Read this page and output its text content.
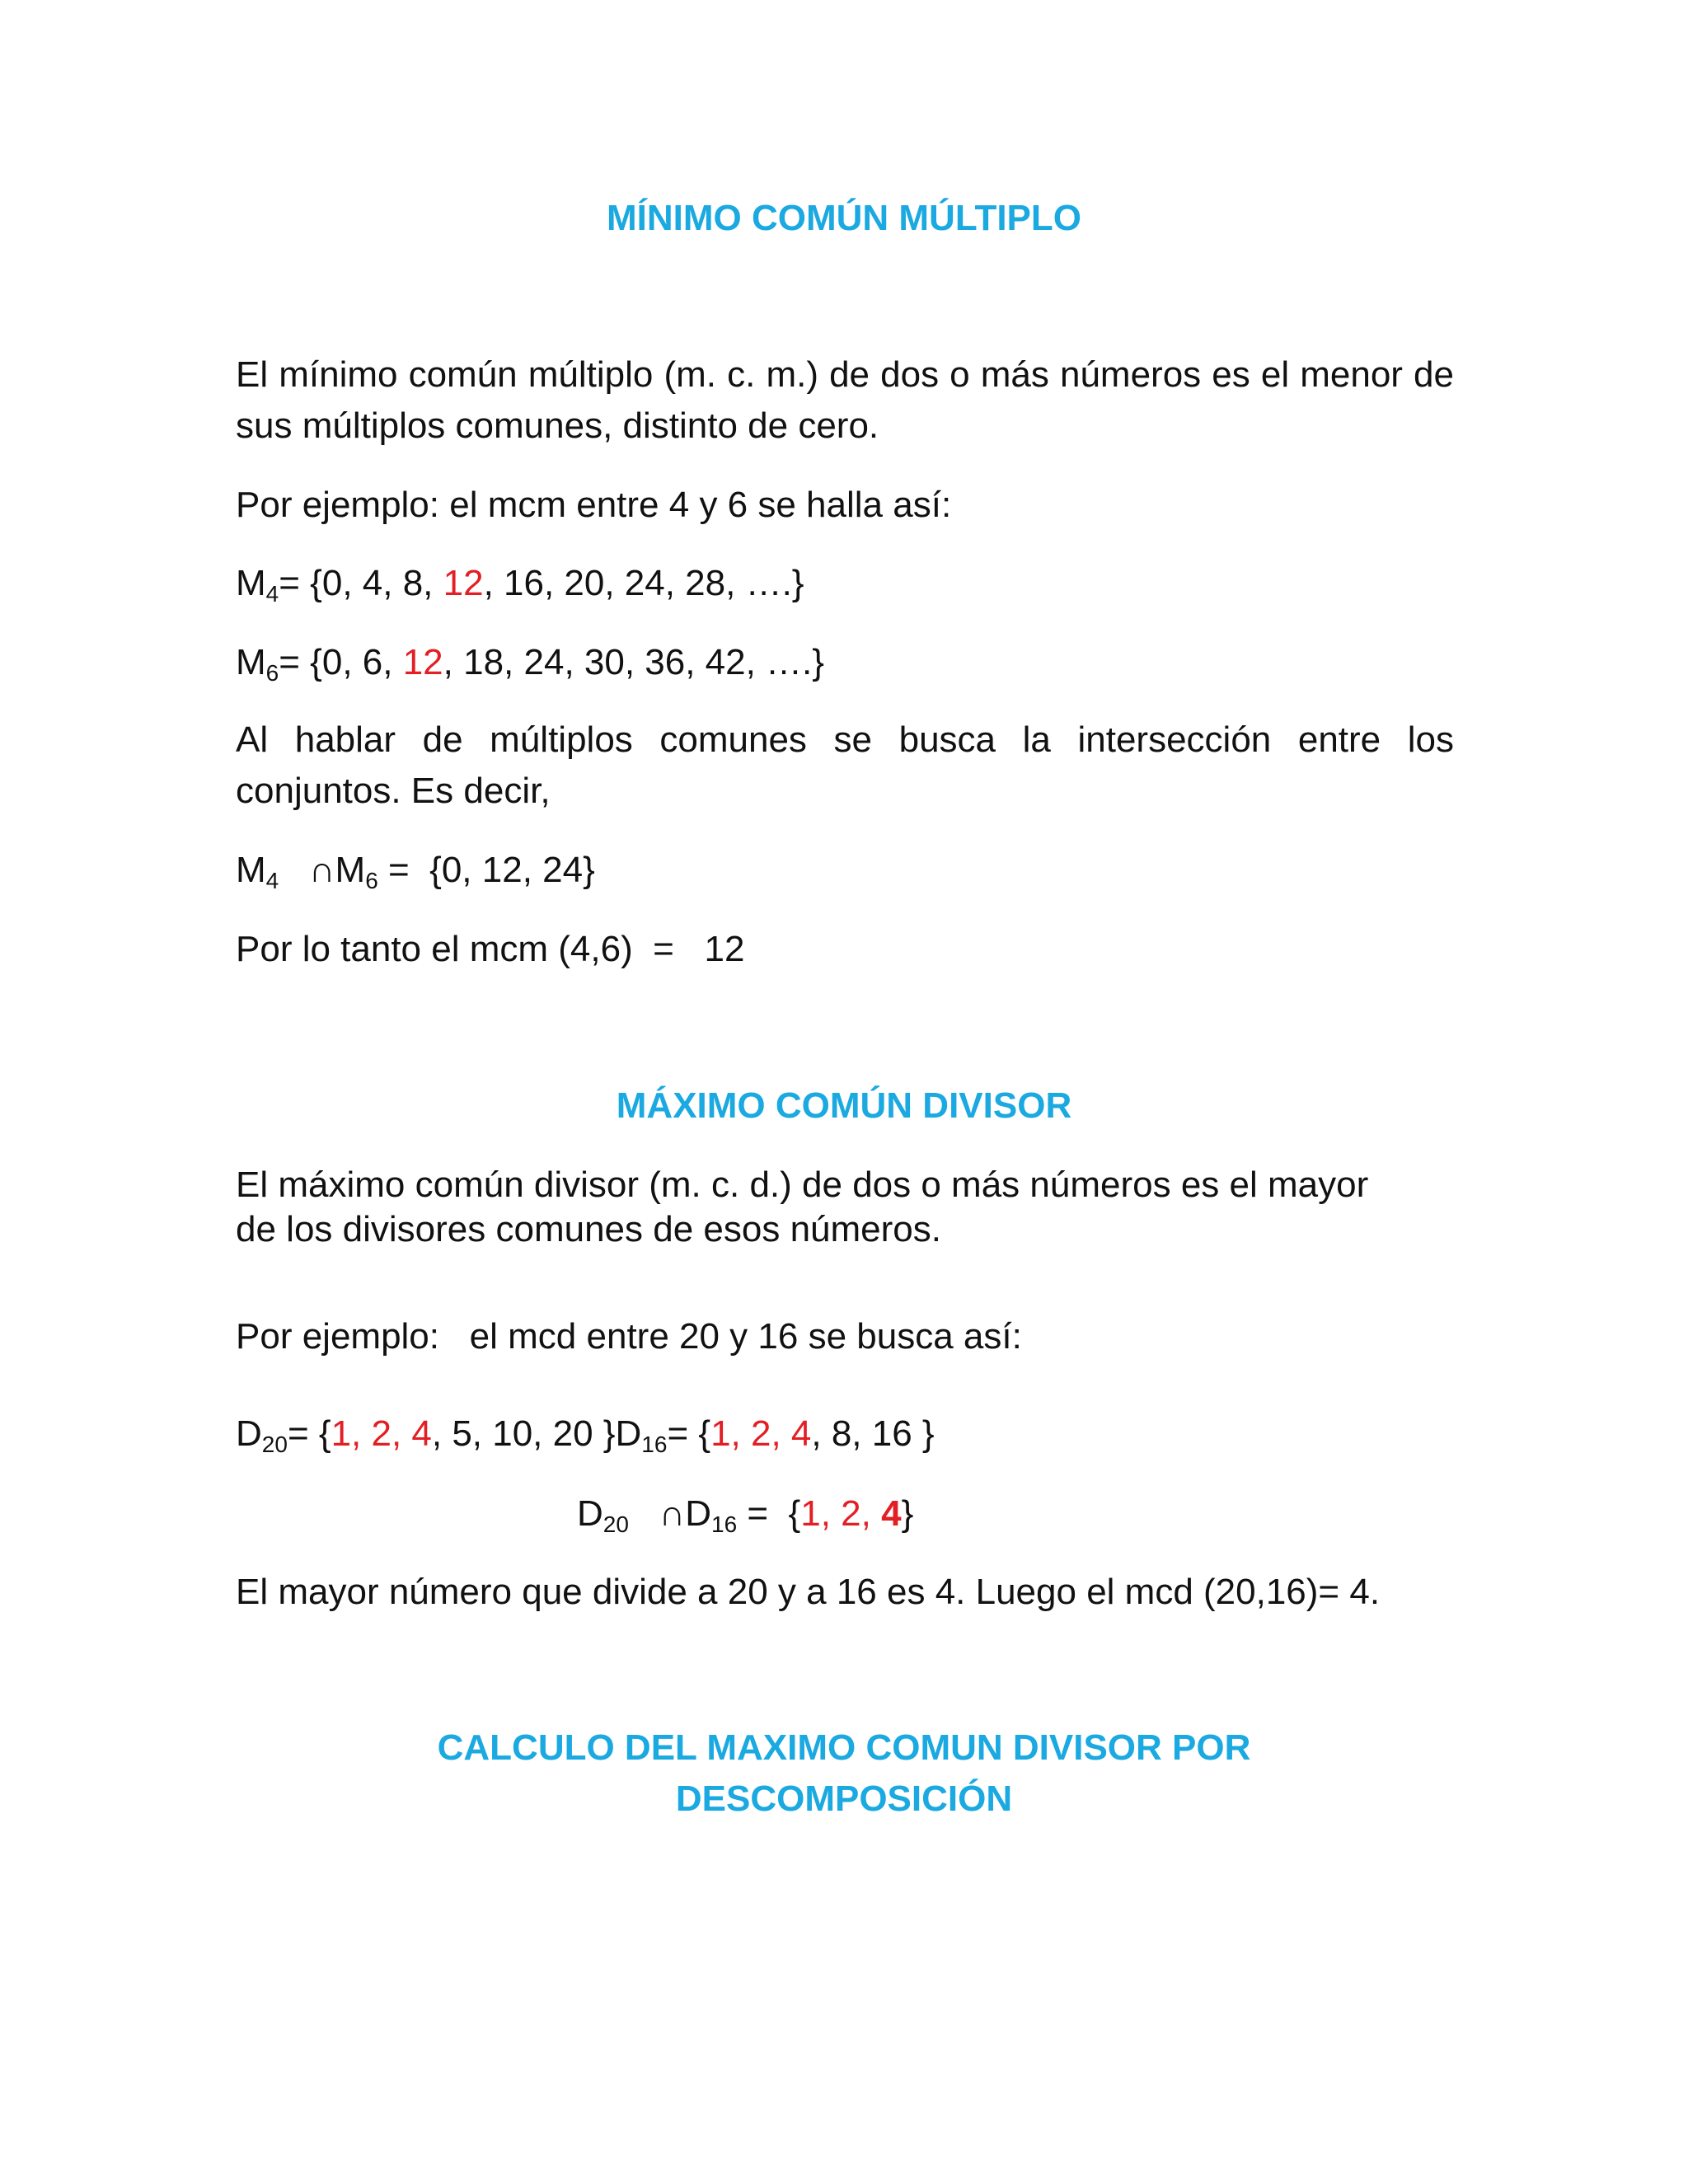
MÍNIMO COMÚN MÚLTIPLO

El mínimo común múltiplo (m. c. m.) de dos o más números es el menor de sus múltiplos comunes, distinto de cero.

Por ejemplo: el mcm entre 4 y 6 se halla así:

$M_4= \{0$, 4, 8, 12, 16, 20, 24, 28, ….}

$M_6= \{0$, 6, 12, 18, 24, 30, 36, 42, ….}

Al hablar de múltiplos comunes se busca la intersección entre los conjuntos. Es decir,

$M_4$   $\cap M_6 = \{0$, 12, 24}

Por lo tanto el mcm (4,6)  =   12

MÁXIMO COMÚN DIVISOR

El máximo común divisor (m. c. d.) de dos o más números es el mayor

de los divisores comunes de esos números.

Por ejemplo:   el mcd entre 20 y 16 se busca así:

$D_{20}= \{1$, 2, 4, 5, 10, 20 }$D_{16}= \{1$, 2, 4, 8, 16 }

$D_{20}$   $\cap D_{16} = \{1$, 2, 4}

El mayor número que divide a 20 y a 16 es 4. Luego el mcd (20,16)= 4.

CALCULO DEL MAXIMO COMUN DIVISOR POR
DESCOMPOSICIÓN
